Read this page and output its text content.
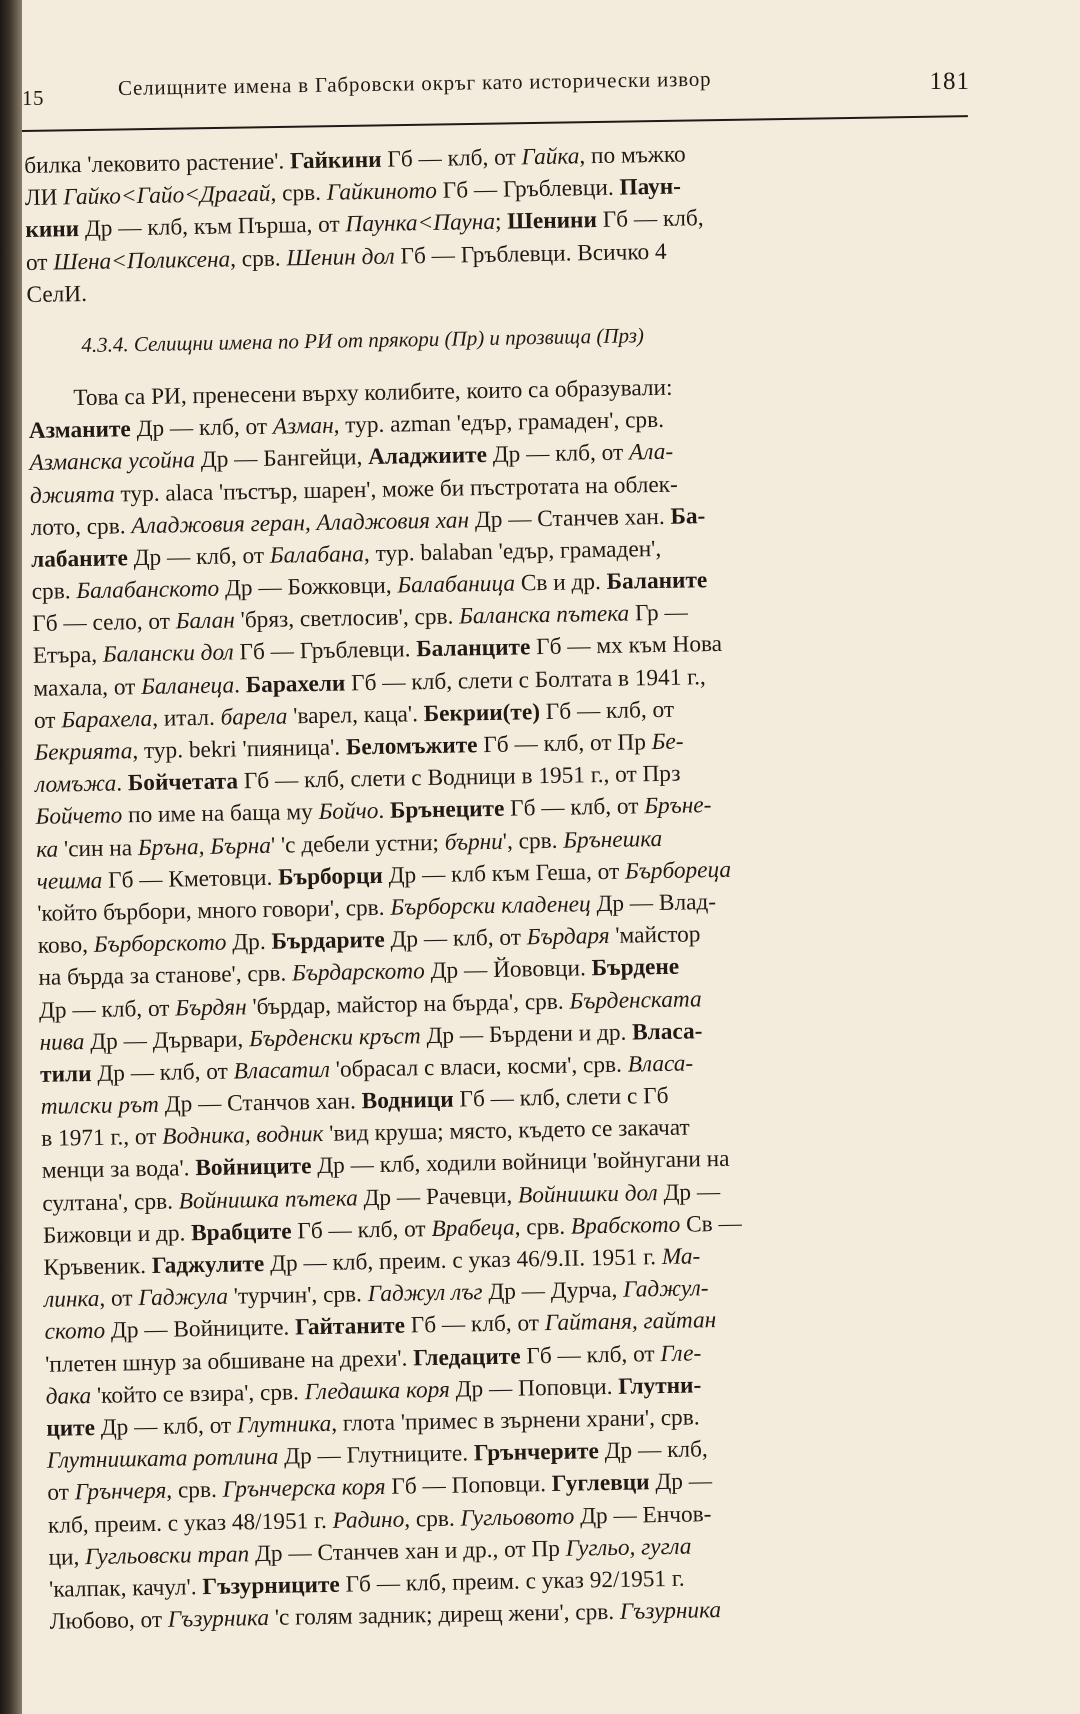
15	Селищните имена в Габровски окръг като исторически извор	181
билка 'лековито растение'. Гайкини Гб — клб, от Гайка, по мъжко
ЛИ Гайко<Гайо<Драгай, срв. Гайкиното Гб — Гръблевци. Паун-
кини Др — клб, към Пърша, от Паунка<Пауна; Шенини Гб — клб,
от Шена<Поликсена, срв. Шенин дол Гб — Гръблевци. Всичко 4
СелИ.
4.3.4. Селищни имена по РИ от прякори (Пр) и прозвища (Прз)
Това са РИ, пренесени върху колибите, които са образували:
Азманите Др — клб, от Азман, тур. azman 'едър, грамаден', срв.
Азманска усойна Др — Бангейци, Аладжиите Др — клб, от Ала-
джията тур. alaca 'пъстър, шарен', може би пъстротата на облек-
лото, срв. Аладжовия геран, Аладжовия хан Др — Станчев хан. Ба-
лабаните Др — клб, от Балабана, тур. balaban 'едър, грамаден',
срв. Балабанското Др — Божковци, Балабаница Св и др. Баланите
Гб — село, от Балан 'бряз, светлосив', срв. Баланска пътека Гр —
Етъра, Балански дол Гб — Гръблевци. Баланците Гб — мх към Нова
махала, от Баланеца. Барахели Гб — клб, слети с Болтата в 1941 г.,
от Барахела, итал. барела 'варел, каца'. Бекрии(те) Гб — клб, от
Бекрията, тур. bekri 'пияница'. Беломъжите Гб — клб, от Пр Бе-
ломъжа. Бойчетата Гб — клб, слети с Водници в 1951 г., от Прз
Бойчето по име на баща му Бойчо. Брънеците Гб — клб, от Бръне-
ка 'син на Бръна, Бърна' 'с дебели устни; бърни', срв. Брънешка
чешма Гб — Кметовци. Бърборци Др — клб към Геша, от Бърбореца
'който бърбори, много говори', срв. Бърборски кладенец Др — Влад-
ково, Бърборското Др. Бърдарите Др — клб, от Бърдаря 'майстор
на бърда за станове', срв. Бърдарското Др — Йововци. Бърдене
Др — клб, от Бърдян 'бърдар, майстор на бърда', срв. Бърденската
нива Др — Дървари, Бърденски кръст Др — Бърдени и др. Власа-
тили Др — клб, от Власатил 'обрасал с власи, косми', срв. Власа-
тилски рът Др — Станчов хан. Водници Гб — клб, слети с Гб
в 1971 г., от Водника, водник 'вид круша; място, където се закачат
менци за вода'. Войниците Др — клб, ходили войници 'войнугани на
султана', срв. Войнишка пътека Др — Рачевци, Войнишки дол Др —
Бижовци и др. Врабците Гб — клб, от Врабеца, срв. Врабското Св —
Кръвеник. Гаджулите Др — клб, преим. с указ 46/9.II. 1951 г. Ма-
линка, от Гаджула 'турчин', срв. Гаджул лъг Др — Дурча, Гаджул-
ското Др — Войниците. Гайтаните Гб — клб, от Гайтаня, гайтан
'плетен шнур за обшиване на дрехи'. Гледаците Гб — клб, от Гле-
дака 'който се взира', срв. Гледашка коря Др — Поповци. Глутни-
ците Др — клб, от Глутника, глота 'примес в зърнени храни', срв.
Глутнишката ротлина Др — Глутниците. Грънчерите Др — клб,
от Грънчеря, срв. Грънчерска коря Гб — Поповци. Гуглевци Др —
клб, преим. с указ 48/1951 г. Радино, срв. Гугльовото Др — Енчов-
ци, Гугльовски трап Др — Станчев хан и др., от Пр Гугльо, гугла
'калпак, качул'. Гъзурниците Гб — клб, преим. с указ 92/1951 г.
Любово, от Гъзурника 'с голям задник; дирещ жени', срв. Гъзурника
